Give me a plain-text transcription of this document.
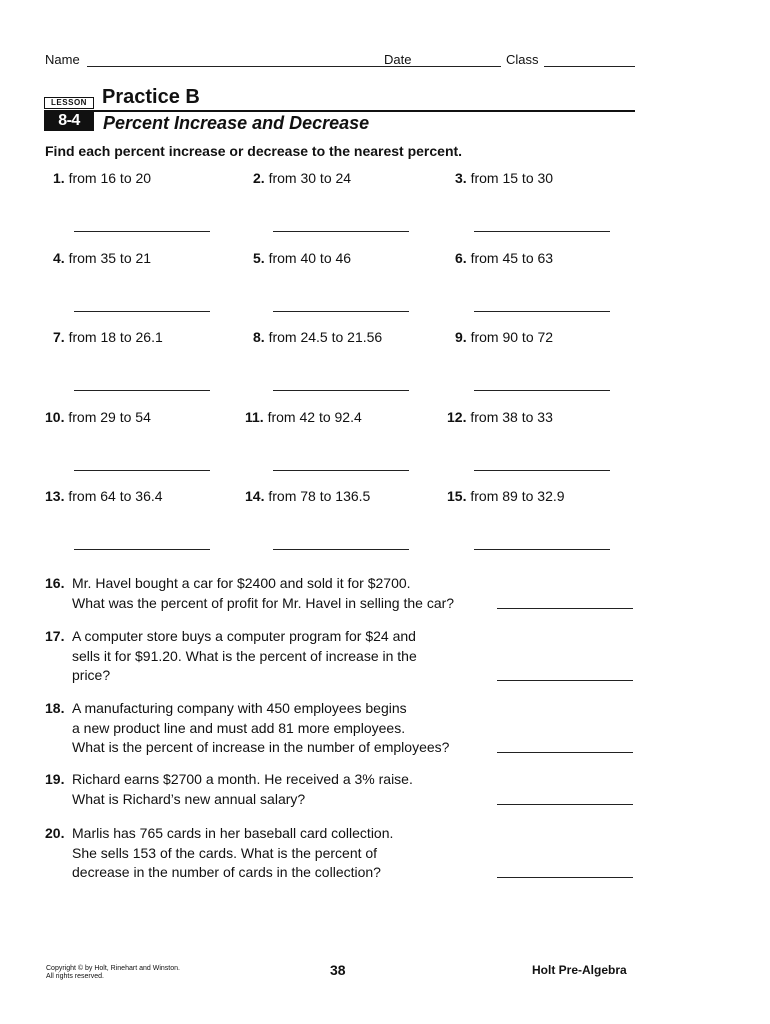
Name	Date	Class
LESSON
8-4
Practice B
Percent Increase and Decrease
Find each percent increase or decrease to the nearest percent.
1. from 16 to 20	2. from 30 to 24	3. from 15 to 30
4. from 35 to 21	5. from 40 to 46	6. from 45 to 63
7. from 18 to 26.1	8. from 24.5 to 21.56	9. from 90 to 72
10. from 29 to 54	11. from 42 to 92.4	12. from 38 to 33
13. from 64 to 36.4	14. from 78 to 136.5	15. from 89 to 32.9
16. Mr. Havel bought a car for $2400 and sold it for $2700.
What was the percent of profit for Mr. Havel in selling the car?
17. A computer store buys a computer program for $24 and
sells it for $91.20. What is the percent of increase in the
price?
18. A manufacturing company with 450 employees begins
a new product line and must add 81 more employees.
What is the percent of increase in the number of employees?
19. Richard earns $2700 a month. He received a 3% raise.
What is Richard’s new annual salary?
20. Marlis has 765 cards in her baseball card collection.
She sells 153 of the cards. What is the percent of
decrease in the number of cards in the collection?
Copyright © by Holt, Rinehart and Winston.
All rights reserved.	38	Holt Pre-Algebra
